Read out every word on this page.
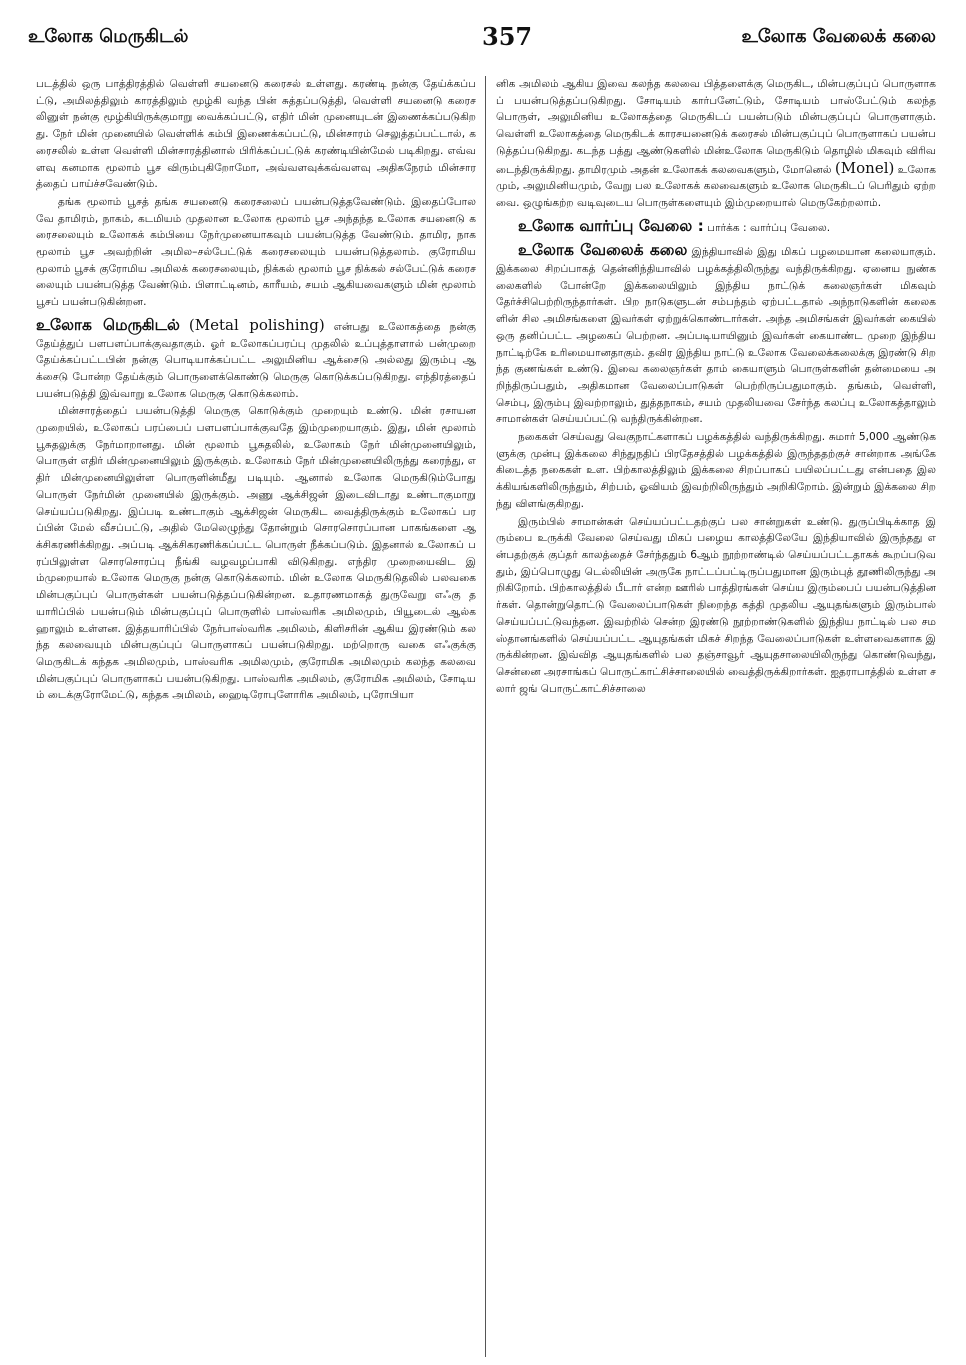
உலோக மெருகிடல்	357	உலோக வேலைக் கலை

படத்தில் ஒரு பாத்திரத்தில் வெள்ளி சயனைடு கரைசல் உள்ளது. கரண்டி நன்கு தேய்க்கப்பட்டு, அமிலத்திலும் காரத்திலும் மூழ்கி வந்த பின் சுத்தப்படுத்தி, வெள்ளி சயனைடு கரைசலினுள் நன்கு மூழ்கியிருக்குமாறு வைக்கப்பட்டு, எதிர் மின் முனையுடன் இணைக்கப்படுகிறது. நேர் மின் முனையில் வெள்ளிக் கம்பி இணைக்கப்பட்டு, மின்சாரம் செலுத்தப்பட்டால், கரைசலில் உள்ள வெள்ளி மின்சாரத்தினால் பிரிக்கப்பட்டுக் கரண்டியின்மேல் படிகிறது. எவ்வளவு கனமாக மூலாம் பூச விரும்புகிறோமோ, அவ்வளவுக்கவ்வளவு அதிகநேரம் மின்சாரத்தைப் பாய்ச்சவேண்டும்.

தங்க மூலாம் பூசத் தங்க சயனைடு கரைசலைப் பயன்படுத்தவேண்டும். இதைப்போலவே தாமிரம், நாகம், கடமியம் முதலான உலோக மூலாம் பூச அந்தந்த உலோக சயனைடு கரைசலையும் உலோகக் கம்பியை நேர்முனையாகவும் பயன்படுத்த வேண்டும். தாமிர, நாகமூலாம் பூச அவற்றின் அமில–சல்பேட்டுக் கரைசலையும் பயன்படுத்தலாம். குரோமிய மூலாம் பூசக் குரோமிய அமிலக் கரைசலையும், நிக்கல் மூலாம் பூச நிக்கல் சல்பேட்டுக் கரைசலையும் பயன்படுத்த வேண்டும். பிளாட்டினம், காரீயம், சயம் ஆகியவைகளும் மின் மூலாம் பூசப் பயன்படுகின்றன.

உலோக மெருகிடல் (Metal polishing) என்பது உலோகத்தை நன்கு தேய்த்துப் பளபளப்பாக்குவதாகும். ஓர் உலோகப்பரப்பு முதலில் உப்புத்தாளால் பன்முறை தேய்க்கப்பட்டபின் நன்கு பொடியாக்கப்பட்ட அலுமினிய ஆக்சைடு அல்லது இரும்பு ஆக்சைடு போன்ற தேய்க்கும் பொருளைக்கொண்டு மெருகு கொடுக்கப்படுகிறது. எந்திரத்தைப் பயன்படுத்தி இவ்வாறு உலோக மெருகு கொடுக்கலாம்.

மின்சாரத்தைப் பயன்படுத்தி மெருகு கொடுக்கும் முறையும் உண்டு. மின் ரசாயன முறையில், உலோகப் பரப்பைப் பளபளப்பாக்குவதே இம்முறையாகும். இது, மின் மூலாம் பூசுதலுக்கு நேர்மாறானது. மின் மூலாம் பூசுதலில், உலோகம் நேர் மின்முனையிலும், பொருள் எதிர் மின்முனையிலும் இருக்கும். உலோகம் நேர் மின்முனையிலிருந்து கரைந்து, எதிர் மின்முனையிலுள்ள பொருளின்மீது படியும். ஆனால் உலோக மெருகிடும்போது பொருள் நேர்மின் முனையில் இருக்கும். அணு ஆக்சிஜன் இடைவிடாது உண்டாகுமாறு செய்யப்படுகிறது. இப்படி உண்டாகும் ஆக்சிஜன் மெருகிட வைத்திருக்கும் உலோகப் பரப்பின் மேல் வீசப்பட்டு, அதில் மேலெழுந்து தோன்றும் சொரசொரப்பான பாகங்களை ஆக்சிகரணிக்கிறது. அப்படி ஆக்சிகரணிக்கப்பட்ட பொருள் நீக்கப்படும். இதனால் உலோகப் பரப்பிலுள்ள சொரசொரப்பு நீங்கி வழவழப்பாகி விடுகிறது. எந்திர முறையைவிட இம்முறையால் உலோக மெருகு நன்கு கொடுக்கலாம். மின் உலோக மெருகிடுதலில் பலவகை மின்பகுப்புப் பொருள்கள் பயன்படுத்தப்படுகின்றன. உதாரணமாகத் துருவேறு எஃகு தயாரிப்பில் பயன்படும் மின்பகுப்புப் பொருளில் பாஸ்வரிக அமிலமும், பியூடைல் ஆல்கஹாலும் உள்ளன. இத்தயாரிப்பில் நேர்பாஸ்வரிக அமிலம், கிளிசரின் ஆகிய இரண்டும் கலந்த கலவையும் மின்பகுப்புப் பொருளாகப் பயன்படுகிறது. மற்றொரு வகை எஃகுக்கு மெருகிடக் கந்தக அமிலமும், பாஸ்வரிக அமிலமும், குரோமிக அமிலமும் கலந்த கலவை மின்பகுப்புப் பொருளாகப் பயன்படுகிறது. பாஸ்வரிக அமிலம், குரோமிக அமிலம், சோடியம் டைக்குரோமேட்டு, கந்தக அமிலம், ஹைடிரோபுளோரிக அமிலம், புரோபியா

னிக அமிலம் ஆகிய இவை கலந்த கலவை பித்தளைக்கு மெருகிட, மின்பகுப்புப் பொருளாகப் பயன்படுத்தப்படுகிறது. சோடியம் கார்பனேட்டும், சோடியம் பாஸ்பேட்டும் கலந்த பொருள், அலுமினிய உலோகத்தை மெருகிடப் பயன்படும் மின்பகுப்புப் பொருளாகும். வெள்ளி உலோகத்தை மெருகிடக் காரசயனைடுக் கரைசல் மின்பகுப்புப் பொருளாகப் பயன்படுத்தப்படுகிறது. கடந்த பத்து ஆண்டுகளில் மின்உலோக மெருகிடும் தொழில் மிகவும் விரிவடைந்திருக்கிறது. தாமிரமும் அதன் உலோகக் கலவைகளும், மோனெல் (Monel) உலோகமும், அலுமினியமும், வேறு பல உலோகக் கலவைகளும் உலோக மெருகிடப் பெரிதும் ஏற்றவை. ஒழுங்கற்ற வடிவுடைய பொருள்களையும் இம்முறையால் மெருகேற்றலாம்.

உலோக வார்ப்பு வேலை : பார்க்க : வார்ப்பு வேலை.

உலோக வேலைக் கலை இந்தியாவில் இது மிகப் பழமையான கலையாகும். இக்கலை சிறப்பாகத் தென்னிந்தியாவில் பழக்கத்திலிருந்து வந்திருக்கிறது. ஏனைய நுண்கலைகளில் போன்றே இக்கலையிலும் இந்திய நாட்டுக் கலைஞர்கள் மிகவும் தேர்ச்சிபெற்றிருந்தார்கள். பிற நாடுகளுடன் சம்பந்தம் ஏற்பட்டதால் அந்நாடுகளின் கலைகளின் சில அமிசங்களை இவர்கள் ஏற்றுக்கொண்டார்கள். அந்த அமிசங்கள் இவர்கள் கையில் ஒரு தனிப்பட்ட அழகைப் பெற்றன. அப்படியாயினும் இவர்கள் கையாண்ட முறை இந்திய நாட்டிற்கே உரிமையானதாகும். தவிர இந்திய நாட்டு உலோக வேலைக்கலைக்கு இரண்டு சிறந்த குணங்கள் உண்டு. இவை கலைஞர்கள் தாம் கையாளும் பொருள்களின் தன்மையை அறிந்திருப்பதும், அதிகமான வேலைப்பாடுகள் பெற்றிருப்பதுமாகும். தங்கம், வெள்ளி, செம்பு, இரும்பு இவற்றாலும், துத்தநாகம், சயம் முதலியவை சேர்ந்த கலப்பு உலோகத்தாலும் சாமான்கள் செய்யப்பட்டு வந்திருக்கின்றன.

நகைகள் செய்வது வெகுநாட்களாகப் பழக்கத்தில் வந்திருக்கிறது. சுமார் 5,000 ஆண்டுகளுக்கு முன்பு இக்கலை சிந்துநதிப் பிரதேசத்தில் பழக்கத்தில் இருந்ததற்குச் சான்றாக அங்கே கிடைத்த நகைகள் உள. பிற்காலத்திலும் இக்கலை சிறப்பாகப் பயிலப்பட்டது என்பதை இலக்கியங்களிலிருந்தும், சிற்பம், ஓவியம் இவற்றிலிருந்தும் அறிகிறோம். இன்றும் இக்கலை சிறந்து விளங்குகிறது.

இரும்பில் சாமான்கள் செய்யப்பட்டதற்குப் பல சான்றுகள் உண்டு. துருப்பிடிக்காத இரும்பை உருக்கி வேலை செய்வது மிகப் பழைய காலத்திலேயே இந்தியாவில் இருந்தது என்பதற்குக் குப்தர் காலத்தைச் சேர்ந்ததும் 6ஆம் நூற்றாண்டில் செய்யப்பட்டதாகக் கூறப்படுவதும், இப்பொழுது டெல்லியின் அருகே நாட்டப்பட்டிருப்பதுமான இரும்புத் தூணிலிருந்து அறிகிறோம். பிற்காலத்தில் பீடார் என்ற ஊரில் பாத்திரங்கள் செய்ய இரும்பைப் பயன்படுத்தினர்கள். தொன்றுதொட்டு வேலைப்பாடுகள் நிறைந்த கத்தி முதலிய ஆயுதங்களும் இரும்பால் செய்யப்பட்டுவந்தன. இவற்றில் சென்ற இரண்டு நூற்றாண்டுகளில் இந்திய நாட்டில் பல சமஸ்தானங்களில் செய்யப்பட்ட ஆயுதங்கள் மிகச் சிறந்த வேலைப்பாடுகள் உள்ளவைகளாக இருக்கின்றன. இவ்வித ஆயுதங்களில் பல தஞ்சாவூர் ஆயுதசாலையிலிருந்து கொண்டுவந்து, சென்னை அரசாங்கப் பொருட்காட்சிச்சாலையில் வைத்திருக்கிறார்கள். ஐதராபாத்தில் உள்ள சலார் ஜங் பொருட்காட்சிச்சாலை
